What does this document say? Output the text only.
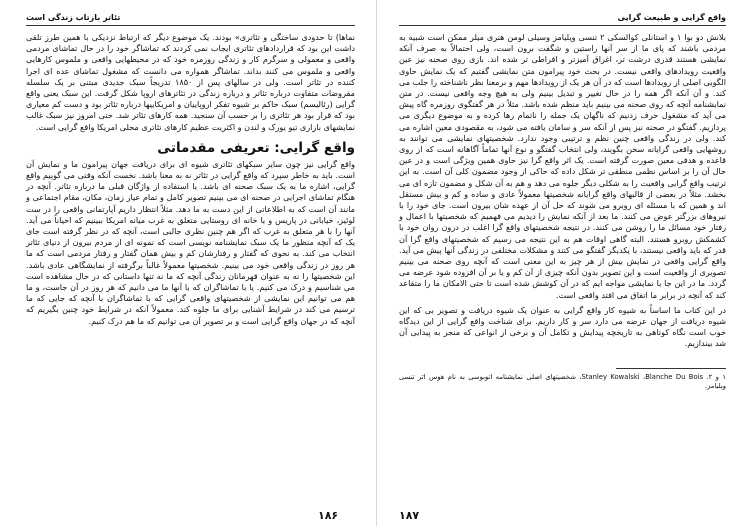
تئاتر بازتاب زندگی است

نماها) تا حدودی ساختگی و تئاتری» بودند. یک موضوع دیگر که ارتباط نزدیکی با همین طرز تلقی داشت این بود که قراردادهای تئاتری ایجاب نمی کردند که تماشاگر خود را در حال تماشای مردمی واقعی و معمولی و سرگرم کار و زندگی روزمره خود که در محیطهایی واقعی و ملموس کارهایی واقعی و ملموس می کنند بداند. تماشاگر همواره می دانست که مشغول تماشای عده ای اجرا کننده در تئاتر است. ولی در سالهای پس از ۱۸۵۰ تدریجاً سبک جدیدی مبتنی بر یک سلسله مفروضات متفاوت درباره تئاتر و درباره زندگی در تئاترهای اروپا شکل گرفت. این سبک یعنی واقع گرایی (رئالیسم) سبک حاکم بر شیوه تفکر اروپاییان و امریکاییها درباره تئاتر بود و دست کم معیاری بود که قرار بود هر تئاتری را بر حسب آن سنجید. همه کارهای تئاتر شد. حتی امروز نیز سبک غالب نمایشهای بازاری تیو یورک و لندن و اکثریت عظیم کارهای تئاتری محلی امریکا واقع گرایی است.

واقع گرایی: تعریفی مقدماتی

واقع گرایی نیز چون سایر سبکهای تئاتری شیوه ای برای دریافت جهان پیرامون ما و نمایش آن است. باید به خاطر سپرد که واقع گرایی در تئاتر نه به معنا باشد. نخست آنکه وقتی می گوییم واقع گرایی، اشاره ما به یک سبک صحنه ای باشد. یا استفاده از واژگان قبلی ما درباره تئاتر. آنچه در هنگام تماشای اجرایی در صحنه ای می بینیم تصویر کامل و تمام عیار زمان، مکان، مقام اجتماعی و مانند آن است که به اطلاعاتی از این دست به ما دهد. مثلاً انتظار داریم آپارتمانی واقعی را در ست لوئیز، خیابانی در پاریس و یا خانه ای روستایی متعلق به غرب میانه امریکا ببینیم که احیاناً می آید. آنها را با هر متعلق به غرب که اگر هم چنین نظری جالبی است، آنچه که در نظر گرفته است جای یک که آنچه منظور ما یک سبک نمایشنامه نویسی است که نمونه ای از مردم بیرون از دنیای تئاتر انتخاب می کند. به نحوی که گفتار و رفتارشان کم و بیش همان گفتار و رفتار مردمی است که ما هر روز در زندگی واقعی خود می بینیم. شخصیتها معمولاً غالباً برگرفته از نمایشگاهی عادی باشد. این شخصیتها را نه به عنوان قهرمانان زندگی آنچه که ما نه تنها داستانی که در حال مشاهده است می شناسیم و درک می کنیم. یا با تماشاگران که با آنها ما می دانیم که هر روز در آن جاست، و ما هم می توانیم این نمایشی از شخصیتهای واقعی گرایی که با تماشاگران با آنچه که جایی که ما ترسیم می کند در شرایط آشنایی برای ما جلوه کند. معمولاً آنکه در شرایط خود چنین بگیریم که آنچه که در جهان واقع گرایی است و بر تصویر آن می توانیم که ما هم درک کنیم.

۱۸۶
واقع گرایی و طبیعت گرایی

بلانش دو بوا ۱ و استانلی کوالسکی ۲ تنسی ویلیامز وسیلی لومن هنری میلر ممکن است شبیه به مردمی باشند که پای ما از سر آنها راستین و شگفت برون است، ولی احتمالاً به صرف آنکه نمایشی هستند قدری درشت تر، اغراق آمیزتر و افراطی تر شده اند. بازی روی صحنه نیز عین واقعیت رویدادهای واقعی نیست. در بحث خود پیرامون متن نمایشی گفتیم که یک نمایش حاوی الگویی اصلی از رویدادها است که در آن هر یک از رویدادها مهم و برمعنا نظر ناشناخته را جلب می کند. و آن آنکه اگر همه را در حال تغییر و تبدیل بینیم ولی به هیچ وجه واقعی نیست. در متن نمایشنامه آنچه که روی صحنه می بینیم باید منظم شده باشد. مثلاً در هر گفتگوی روزمره گاه پیش می آید که مشغول حرف زدنیم که ناگهان یک جمله را ناتمام رها کرده و به موضوع دیگری می پردازیم. گفتگو در صحنه نیز پس از آنکه سر و سامان یافته می شود، به مقصودی معین اشاره می کند. ولی در زندگی واقعی چنین نظم و ترتیبی وجود ندارد. شخصیتهای نمایشی می توانند به روشهایی واقعی گرایانه سخن بگویند، ولی انتخاب گفتگو و نوع آنها تماماً آگاهانه است که از روی قاعده و هدفی معین صورت گرفته است. یک اثر واقع گرا نیز حاوی همین ویژگی است و در عین حال آن را بر اساس نظمی منطقی تر شکل داده که حاکی از وجود مضمون کلی آن است. به این ترتیب واقع گرایی واقعیت را به شکلی دیگر جلوه می دهد و هم به آن شکل و مضمون تازه ای می بخشد. مثلاً در بعضی از قالبهای واقع گرایانه شخصیتها معمولاً عادی و ساده و کم و بیش مستقل اند و همین که با مسئله ای روبرو می شوند که حل آن از عهده شان بیرون است. جای خود را با نیروهای بزرگتر عوض می کنند. ما بعد از آنکه نمایش را دیدیم می فهمیم که شخصیتها با اعمال و رفتار خود مسائل ما را روشن می کنند. در نتیجه شخصیتهای واقع گرا اغلب در درون روان خود با کشمکش روبرو هستند. البته گاهی اوقات هم به این نتیجه می رسیم که شخصیتهای واقع گرا آن قدر که باید واقعی نیستند، با یکدیگر گفتگو می کنند و مشکلات مختلفی در زندگی آنها پیش می آید. واقع گرایی واقعی در نمایش بیش از هر چیز به این معنی است که آنچه روی صحنه می بینیم تصویری از واقعیت است و این تصویر بدون آنکه چیزی از آن کم و یا بر آن افزوده شود عرضه می گردد. ما در این جا با نمایشی مواجه ایم که در آن کوشش شده است تا حتی الامکان ما را متقاعد کند که آنچه در برابر ما اتفاق می افتد واقعی است.

در این کتاب ما اساساً به شیوه کار واقع گرایی به عنوان یک شیوه دریافت و تصویر بی که این شیوه دریافت از جهان عرضه می دارد سر و کار داریم. برای شناخت واقع گرایی از این دیدگاه خوب است نگاه کوتاهی به تاریخچه پیدایش و تکامل آن و برخی از انواعی که منجر به پیدایی آن شد بیندازیم.

۱ و ۲. Stanley Kowalski ،Blanche Du Bois، شخصیتهای اصلی نمایشنامه اتوبوسی به نام هوس اثر تنسی ویلیامز.

۱۸۷
